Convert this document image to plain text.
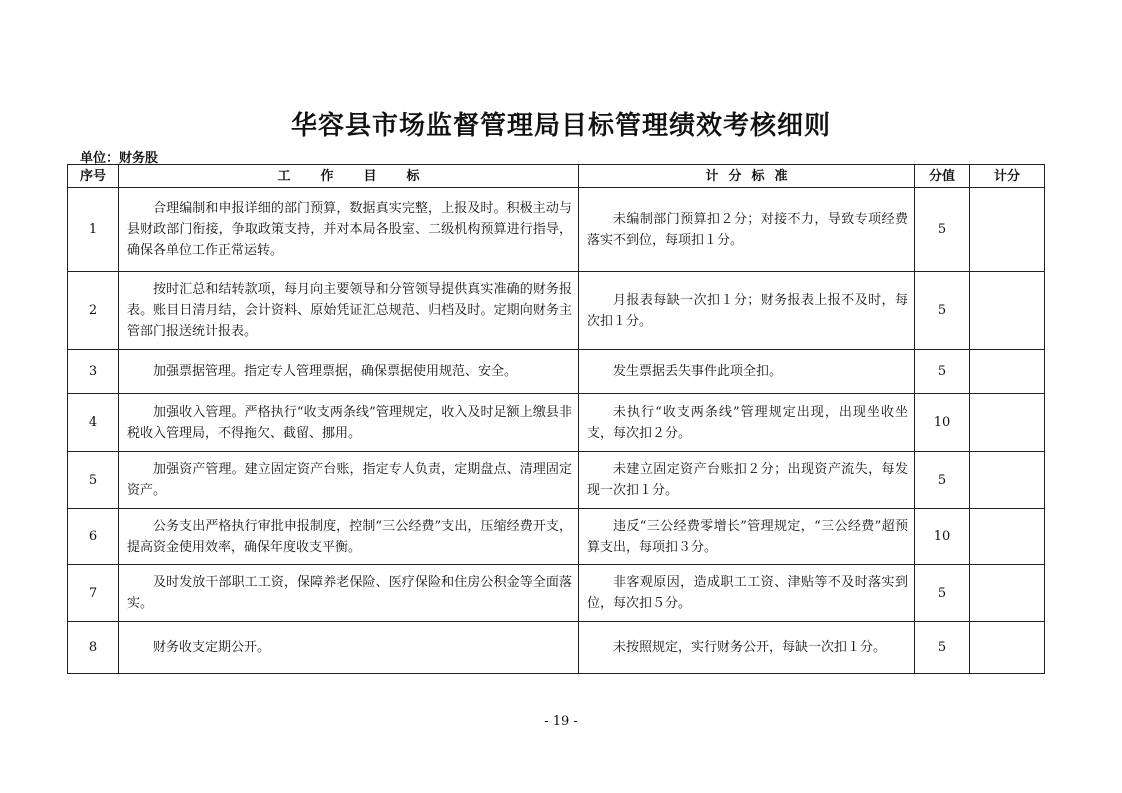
华容县市场监督管理局目标管理绩效考核细则
单位：财务股
序号	工作目标	计分标准	分值	计分
1	合理编制和申报详细的部门预算，数据真实完整，上报及时。积极主动与县财政部门衔接，争取政策支持，并对本局各股室、二级机构预算进行指导，确保各单位工作正常运转。	未编制部门预算扣２分；对接不力，导致专项经费落实不到位，每项扣１分。	5	
2	按时汇总和结转款项，每月向主要领导和分管领导提供真实准确的财务报表。账目日清月结，会计资料、原始凭证汇总规范、归档及时。定期向财务主管部门报送统计报表。	月报表每缺一次扣１分；财务报表上报不及时，每次扣１分。	5	
3	加强票据管理。指定专人管理票据，确保票据使用规范、安全。	发生票据丢失事件此项全扣。	5	
4	加强收入管理。严格执行“收支两条线”管理规定，收入及时足额上缴县非税收入管理局，不得拖欠、截留、挪用。	未执行“收支两条线”管理规定出现，出现坐收坐支，每次扣２分。	10	
5	加强资产管理。建立固定资产台账，指定专人负责，定期盘点、清理固定资产。	未建立固定资产台账扣２分；出现资产流失，每发现一次扣１分。	5	
6	公务支出严格执行审批申报制度，控制“三公经费”支出，压缩经费开支，提高资金使用效率，确保年度收支平衡。	违反“三公经费零增长”管理规定，“三公经费”超预算支出，每项扣３分。	10	
7	及时发放干部职工工资，保障养老保险、医疗保险和住房公积金等全面落实。	非客观原因，造成职工工资、津贴等不及时落实到位，每次扣５分。	5	
8	财务收支定期公开。	未按照规定，实行财务公开，每缺一次扣１分。	5	
- 19 -
